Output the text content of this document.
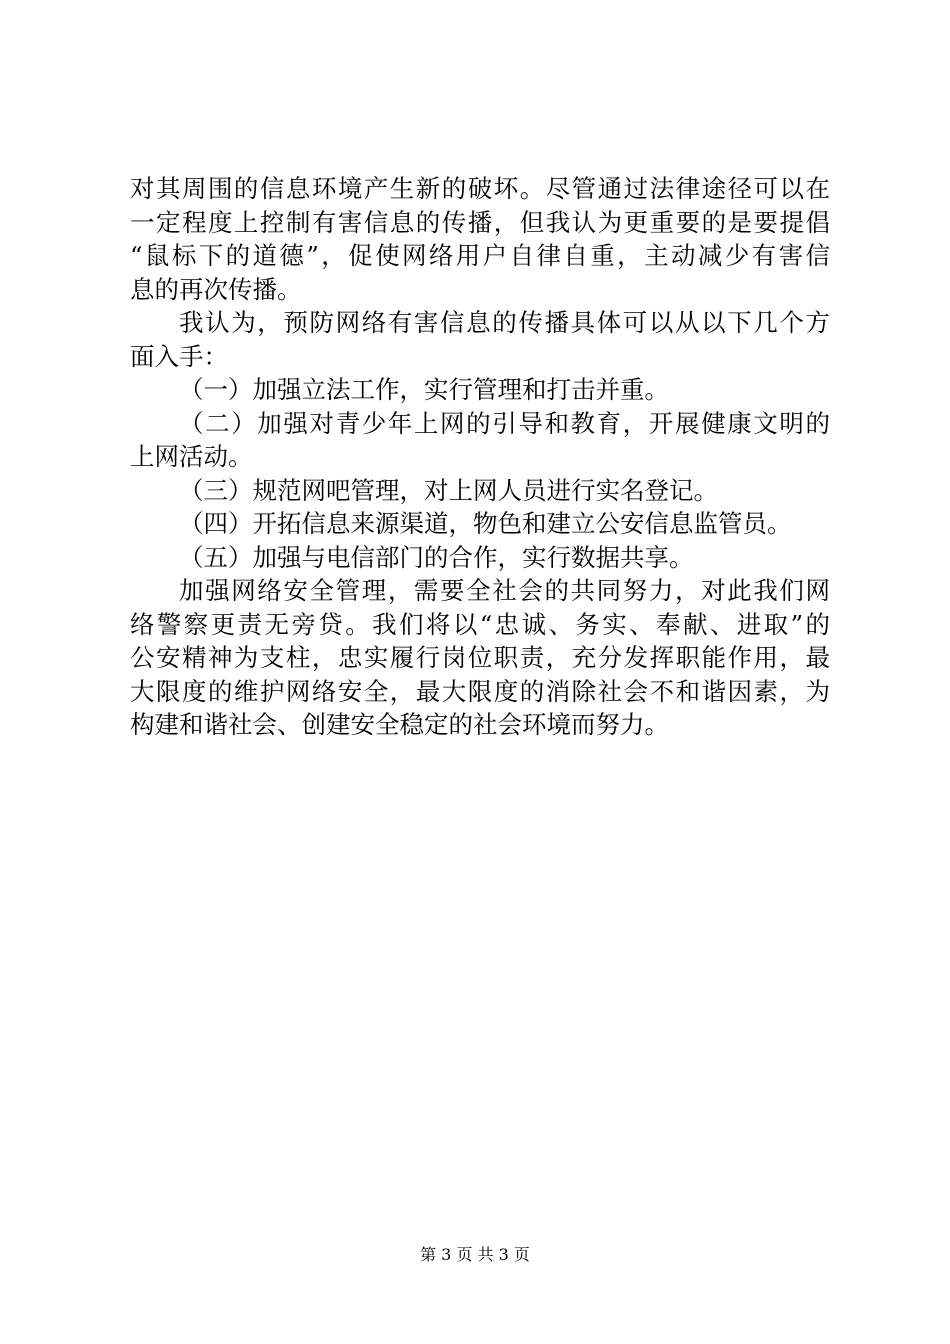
对其周围的信息环境产生新的破坏。尽管通过法律途径可以在
一定程度上控制有害信息的传播，但我认为更重要的是要提倡
“鼠标下的道德”，促使网络用户自律自重，主动减少有害信
息的再次传播。
我认为，预防网络有害信息的传播具体可以从以下几个方
面入手：
（一）加强立法工作，实行管理和打击并重。
（二）加强对青少年上网的引导和教育，开展健康文明的
上网活动。
（三）规范网吧管理，对上网人员进行实名登记。
（四）开拓信息来源渠道，物色和建立公安信息监管员。
（五）加强与电信部门的合作，实行数据共享。
加强网络安全管理，需要全社会的共同努力，对此我们网
络警察更责无旁贷。我们将以“忠诚、务实、奉献、进取”的
公安精神为支柱，忠实履行岗位职责，充分发挥职能作用，最
大限度的维护网络安全，最大限度的消除社会不和谐因素，为
构建和谐社会、创建安全稳定的社会环境而努力。
第 3 页 共 3 页
